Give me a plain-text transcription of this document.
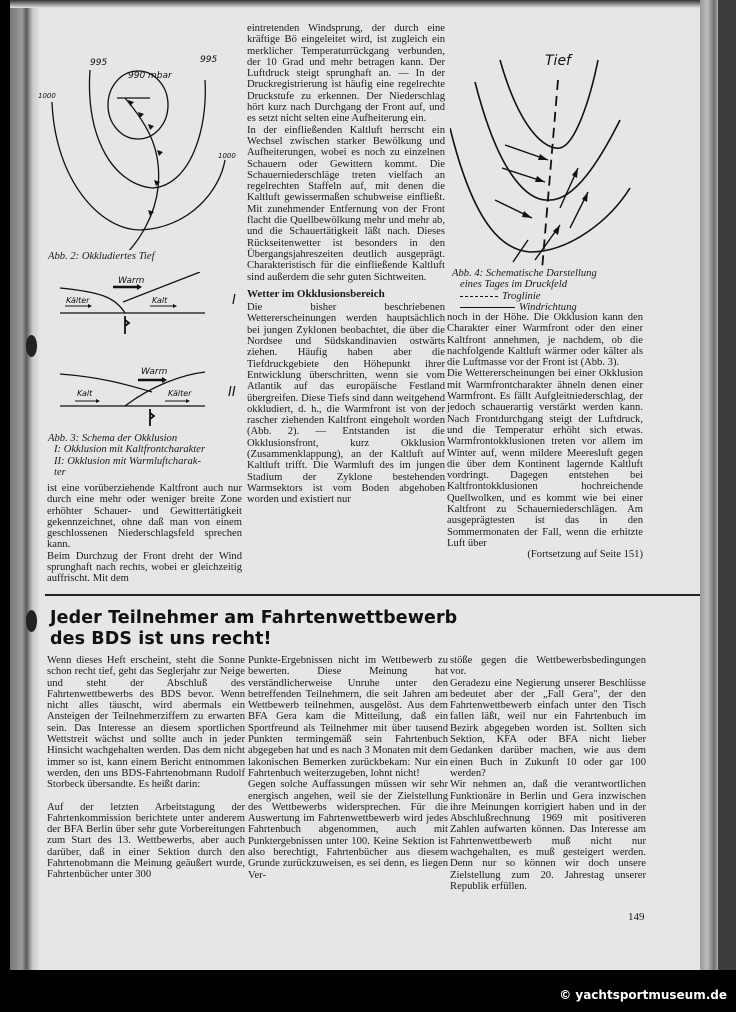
995	995
990 mbar
1000
1000
Abb. 2: Okkludiertes Tief
Warm
Kälter	Kalt	I
Warm
Kalt	Kälter	II
Abb. 3: Schema der Okklusion
I: Okklusion mit Kaltfrontcharakter
II: Okklusion mit Warmluftcharak-
ter

ist eine vorüberziehende Kaltfront auch nur durch eine mehr oder weniger breite Zone erhöhter Schauer- und Gewittertätigkeit gekennzeichnet, ohne daß man von einem geschlossenen Niederschlagsfeld sprechen kann.

Beim Durchzug der Front dreht der Wind sprunghaft nach rechts, wobei er gleichzeitig auffrischt. Mit dem

eintretenden Windsprung, der durch eine kräftige Bö eingeleitet wird, ist zugleich ein merklicher Temperaturrückgang verbunden, der 10 Grad und mehr betragen kann. Der Luftdruck steigt sprunghaft an. — In der Druckregistrierung ist häufig eine regelrechte Druckstufe zu erkennen. Der Niederschlag hört kurz nach Durchgang der Front auf, und es setzt nicht selten eine Aufheiterung ein.

In der einfließenden Kaltluft herrscht ein Wechsel zwischen starker Bewölkung und Aufheiterungen, wobei es noch zu einzelnen Schauern oder Gewittern kommt. Die Schauerniederschläge treten vielfach an regelrechten Staffeln auf, mit denen die Kaltluft gewissermaßen schubweise einfließt. Mit zunehmender Entfernung von der Front flacht die Quellbewölkung mehr und mehr ab, und die Schauertätigkeit läßt nach. Dieses Rückseitenwetter ist besonders in den Übergangsjahreszeiten deutlich ausgeprägt. Charakteristisch für die einfließende Kaltluft sind außerdem die sehr guten Sichtweiten.

Wetter im Okklusionsbereich

Die bisher beschriebenen Wettererscheinungen werden hauptsächlich bei jungen Zyklonen beobachtet, die über die Nordsee und Südskandinavien ostwärts ziehen. Häufig haben aber die Tiefdruckgebiete den Höhepunkt ihrer Entwicklung überschritten, wenn sie vom Atlantik auf das europäische Festland übergreifen. Diese Tiefs sind dann weitgehend okkludiert, d. h., die Warmfront ist von der rascher ziehenden Kaltfront eingeholt worden (Abb. 2). — Entstanden ist die Okklusionsfront, kurz Okklusion (Zusammenklappung), an der Kaltluft auf Kaltluft trifft. Die Warmluft des im jungen Stadium der Zyklone bestehenden Warmsektors ist vom Boden abgehoben worden und existiert nur

Tief
Abb. 4: Schematische Darstellung
eines Tages im Druckfeld
Troglinie
Windrichtung

noch in der Höhe. Die Okklusion kann den Charakter einer Warmfront oder den einer Kaltfront annehmen, je nachdem, ob die nachfolgende Kaltluft wärmer oder kälter als die Luftmasse vor der Front ist (Abb. 3).

Die Wettererscheinungen bei einer Okklusion mit Warmfrontcharakter ähneln denen einer Warmfront. Es fällt Aufgleitniederschlag, der jedoch schauerartig verstärkt werden kann. Nach Frontdurchgang steigt der Luftdruck, und die Temperatur erhöht sich etwas. Warmfrontokklusionen treten vor allem im Winter auf, wenn mildere Meeresluft gegen die über dem Kontinent lagernde Kaltluft vordringt. Dagegen entstehen bei Kaltfrontokklusionen hochreichende Quellwolken, und es kommt wie bei einer Kaltfront zu Schauerniederschlägen. Am ausgeprägtesten ist das in den Sommermonaten der Fall, wenn die erhitzte Luft über

(Fortsetzung auf Seite 151)

Jeder Teilnehmer am Fahrtenwettbewerb
des BDS ist uns recht!

Wenn dieses Heft erscheint, steht die Sonne schon recht tief, geht das Seglerjahr zur Neige und steht der Abschluß des Fahrtenwettbewerbs des BDS bevor. Wenn nicht alles täuscht, wird abermals ein Ansteigen der Teilnehmerziffern zu erwarten sein. Das Interesse an diesem sportlichen Wettstreit wächst und sollte auch in jeder Hinsicht wachgehalten werden. Das dem nicht immer so ist, kann einem Bericht entnommen werden, den uns BDS-Fahrtenobmann Rudolf Storbeck übersandte. Es heißt darin:

Auf der letzten Arbeitstagung der Fahrtenkommission berichtete unter anderem der BFA Berlin über sehr gute Vorbereitungen zum Start des 13. Wettbewerbs, aber auch darüber, daß in einer Sektion durch den Fahrtenobmann die Meinung geäußert wurde, Fahrtenbücher unter 300

Punkte-Ergebnissen nicht im Wettbewerb zu bewerten. Diese Meinung hat verständlicherweise Unruhe unter den betreffenden Teilnehmern, die seit Jahren am Wettbewerb teilnehmen, ausgelöst. Aus dem BFA Gera kam die Mitteilung, daß ein Sportfreund als Teilnehmer mit über tausend Punkten termingemäß sein Fahrtenbuch abgegeben hat und es nach 3 Monaten mit dem lakonischen Bemerken zurückbekam: Nur ein Fahrtenbuch weiterzugeben, lohnt nicht!

Gegen solche Auffassungen müssen wir sehr energisch angehen, weil sie der Zielstellung des Wettbewerbs widersprechen. Für die Auswertung im Fahrtenwettbewerb wird jedes Fahrtenbuch abgenommen, auch mit Punktergebnissen unter 100. Keine Sektion ist also berechtigt, Fahrtenbücher aus diesem Grunde zurückzuweisen, es sei denn, es liegen Ver-

stöße gegen die Wettbewerbsbedingungen vor.

Geradezu eine Negierung unserer Beschlüsse bedeutet aber der „Fall Gera", der den Fahrtenwettbewerb einfach unter den Tisch fallen läßt, weil nur ein Fahrtenbuch im Bezirk abgegeben worden ist. Sollten sich Sektion, KFA oder BFA nicht lieber Gedanken darüber machen, wie aus dem einen Buch in Zukunft 10 oder gar 100 werden?

Wir nehmen an, daß die verantwortlichen Funktionäre in Berlin und Gera inzwischen ihre Meinungen korrigiert haben und in der Abschlußrechnung 1969 mit positiveren Zahlen aufwarten können. Das Interesse am Fahrtenwettbewerb muß nicht nur wachgehalten, es muß gesteigert werden. Denn nur so können wir doch unsere Zielstellung zum 20. Jahrestag unserer Republik erfüllen.

149
© yachtsportmuseum.de
